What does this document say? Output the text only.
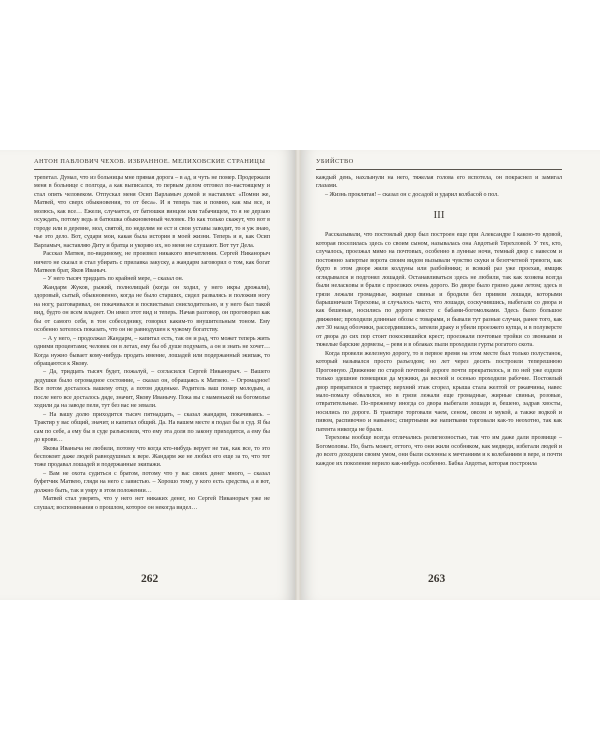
АНТОН ПАВЛОВИЧ ЧЕХОВ. ИЗБРАННОЕ. МЕЛИХОВСКИЕ СТРАНИЦЫ	УБИЙСТВО

трепетал. Думал, что из больницы мне прямая дорога – в ад, и чуть не помер. Продержали меня в больнице с полгода, а как выписался, то первым делом отговел по-настоящему и стал опять человеком. Отпускал меня Осип Варламыч домой и наставлял: «Помни же, Матвей, что сверх обыкновения, то от беса». И я теперь так и помню, как мы все, и молюсь, как все… Ежели, случается, от батюшки винцом или табачищем, то я не дерзаю осуждать, потому ведь и батюшка обыкновенный человек. Но как только скажут, что вот в городе или в деревне, мол, святой, по неделям не ест и свои уставы заводит, то я уж знаю, чье это дело. Вот, судари мои, какая была история в моей жизни. Теперь и я, как Осип Варламыч, наставляю Диту и братца и укоряю их, но меня не слушают. Вот тут Дела.

Рассказ Матвея, по-видимому, не произвел никакого впечатления. Сергей Никанорыч ничего не сказал и стал убирать с прилавка закуску, а жандарм заговорил о том, как богат Матвеев брат, Яков Иваныч.

– У него тысяч тридцать по крайней мере, – сказал он.

Жандарм Жуков, рыжий, полнолицый (когда он ходил, у него икры дрожали), здоровый, сытый, обыкновенно, когда не было старших, сидел развалясь и положив ногу на ногу, разговаривал, он покачивался и посвистывал снисходительно, и у него был такой вид, будто он всем владеет. Он имел этот вид и теперь. Начав разговор, он проговорил как бы от самого себя, в тон собеседнику, говорил каким-то внушительным тоном. Ему особенно хотелось показать, что он не равнодушен к чужому богатству.

– А у него, – продолжал Жандарм, – капитал есть, так он и рад, что может теперь жить одними процентами; человек он в летах, ему бы об душе подумать, а он и знать не хочет… Когда нужно бывает кому-нибудь продать имение, лошадей или подержанный экипаж, то обращаются к Якову.

– Да, тридцать тысяч будет, пожалуй, – согласился Сергей Никанорыч. – Вашего дедушки было огромадное состояние, – сказал он, обращаясь к Матвею. – Огромадное! Все потом досталось вашему отцу, а потом дяденьке. Родитель ваш помер молодым, а после него все досталось дяде, значит, Якову Иванычу. Пока вы с маменькой на богомолье ходили да на заводе пели, тут без вас не зевали.

– На вашу долю приходится тысяч пятнадцать, – сказал жандарм, покачиваясь. – Трактир у вас общий, значит, и капитал общий. Да. На вашем месте я подал бы в суд. Я бы сам по себе, а ему бы в суде разъяснили, что ему эта доля по закону приходится, а ему бы до крови…

Якова Иваныча не любили, потому что когда кто-нибудь верует не так, как все, то это беспокоит даже людей равнодушных к вере. Жандарм же не любил его еще за то, что тот тоже продавал лошадей и подержанные экипажи.

– Вам не охота судиться с братом, потому что у вас своих денег много, – сказал буфетчик Матвею, глядя на него с завистью. – Хорошо тому, у кого есть средства, а я вот, должно быть, так и умру в этом положении…

Матвей стал уверять, что у него нет никаких денег, но Сергей Никанорыч уже не слушал; воспоминания о прошлом, которое он некогда видел…

каждый день, нахлынули на него, тяжелая голова его вспотела, он покраснел и замигал глазами.

– Жизнь проклятая! – сказал он с досадой и ударил колбасой о пол.

III

Рассказывали, что постоялый двор был построен еще при Александре I какою-то вдовой, которая поселилась здесь со своим сыном, называлась она Авдотьей Терехловой. У тех, кто, случалось, проезжал мимо на почтовых, особенно в лунные ночи, темный двор с навесом и постоянно запертые ворота своим видом вызывали чувство скуки и безотчетной тревоги, как будто в этом дворе жили колдуны или разбойники; и всякий раз уже проехав, ямщик оглядывался и подгонял лошадей. Останавливаться здесь не любили, так как хозяева всегда были нелaскoвы и брали с проезжих очень дорого. Во дворе было грязно даже летом; здесь в грязи лежали громадные, жирные свиньи и бродили без привязи лошади, которыми барышничали Тереховы, и случалось часто, что лошади, соскучившись, выбегали со двора и как бешеные, носились по дороге вместе с бабами-богомолками. Здесь было большое движение; проходили длинные обозы с товарами, и бывали тут разные случаи, ранее того, как лет 30 назад обозчики, рассердившись, затеяли драку и убили проезжего купца, и в полуверсте от двора до сих пор стоит покосившийся крест; проезжали почтовые тройки со звонками и тяжелые барские дормезы, – ревя и в облаках пыли проходили гурты рогатого скота.

Когда провели железную дорогу, то в первое время на этом месте был только полустанок, который назывался просто разъездом; но лет через десять построили теперешнюю Прогонную. Движение по старой почтовой дороге почти прекратилось, и по ней уже ездили только здешние помещики да мужики, да весной и осенью проходили рабочие. Постоялый двор превратился в трактир; верхний этаж сгорел, крыша стала желтой от ржавчины, навес мало-помалу обвалился, но в грязи лежали еще громадные, жирные свиньи, розовые, отвратительные. По-прежнему иногда со двора выбегали лошади и, бешено, задрав хвосты, носились по дороге. В трактире торговали чаем, сеном, овсом и мукой, а также водкой и пивом, распивочно и навынос; спиртными же напитками торговали как-то неохотно, так как патента никогда не брали.

Тереховы вообще всегда отличались религиозностью, так что им даже дали прозвище – Богомоловы. Но, быть может, оттого, что они жили особняком, как медведи, избегали людей и до всего доходили своим умом, они были склонны к мечтаниям и к колебаниям в вере, и почти каждое их поколение верило как-нибудь особенно. Бабка Авдотья, которая построила

262	263
